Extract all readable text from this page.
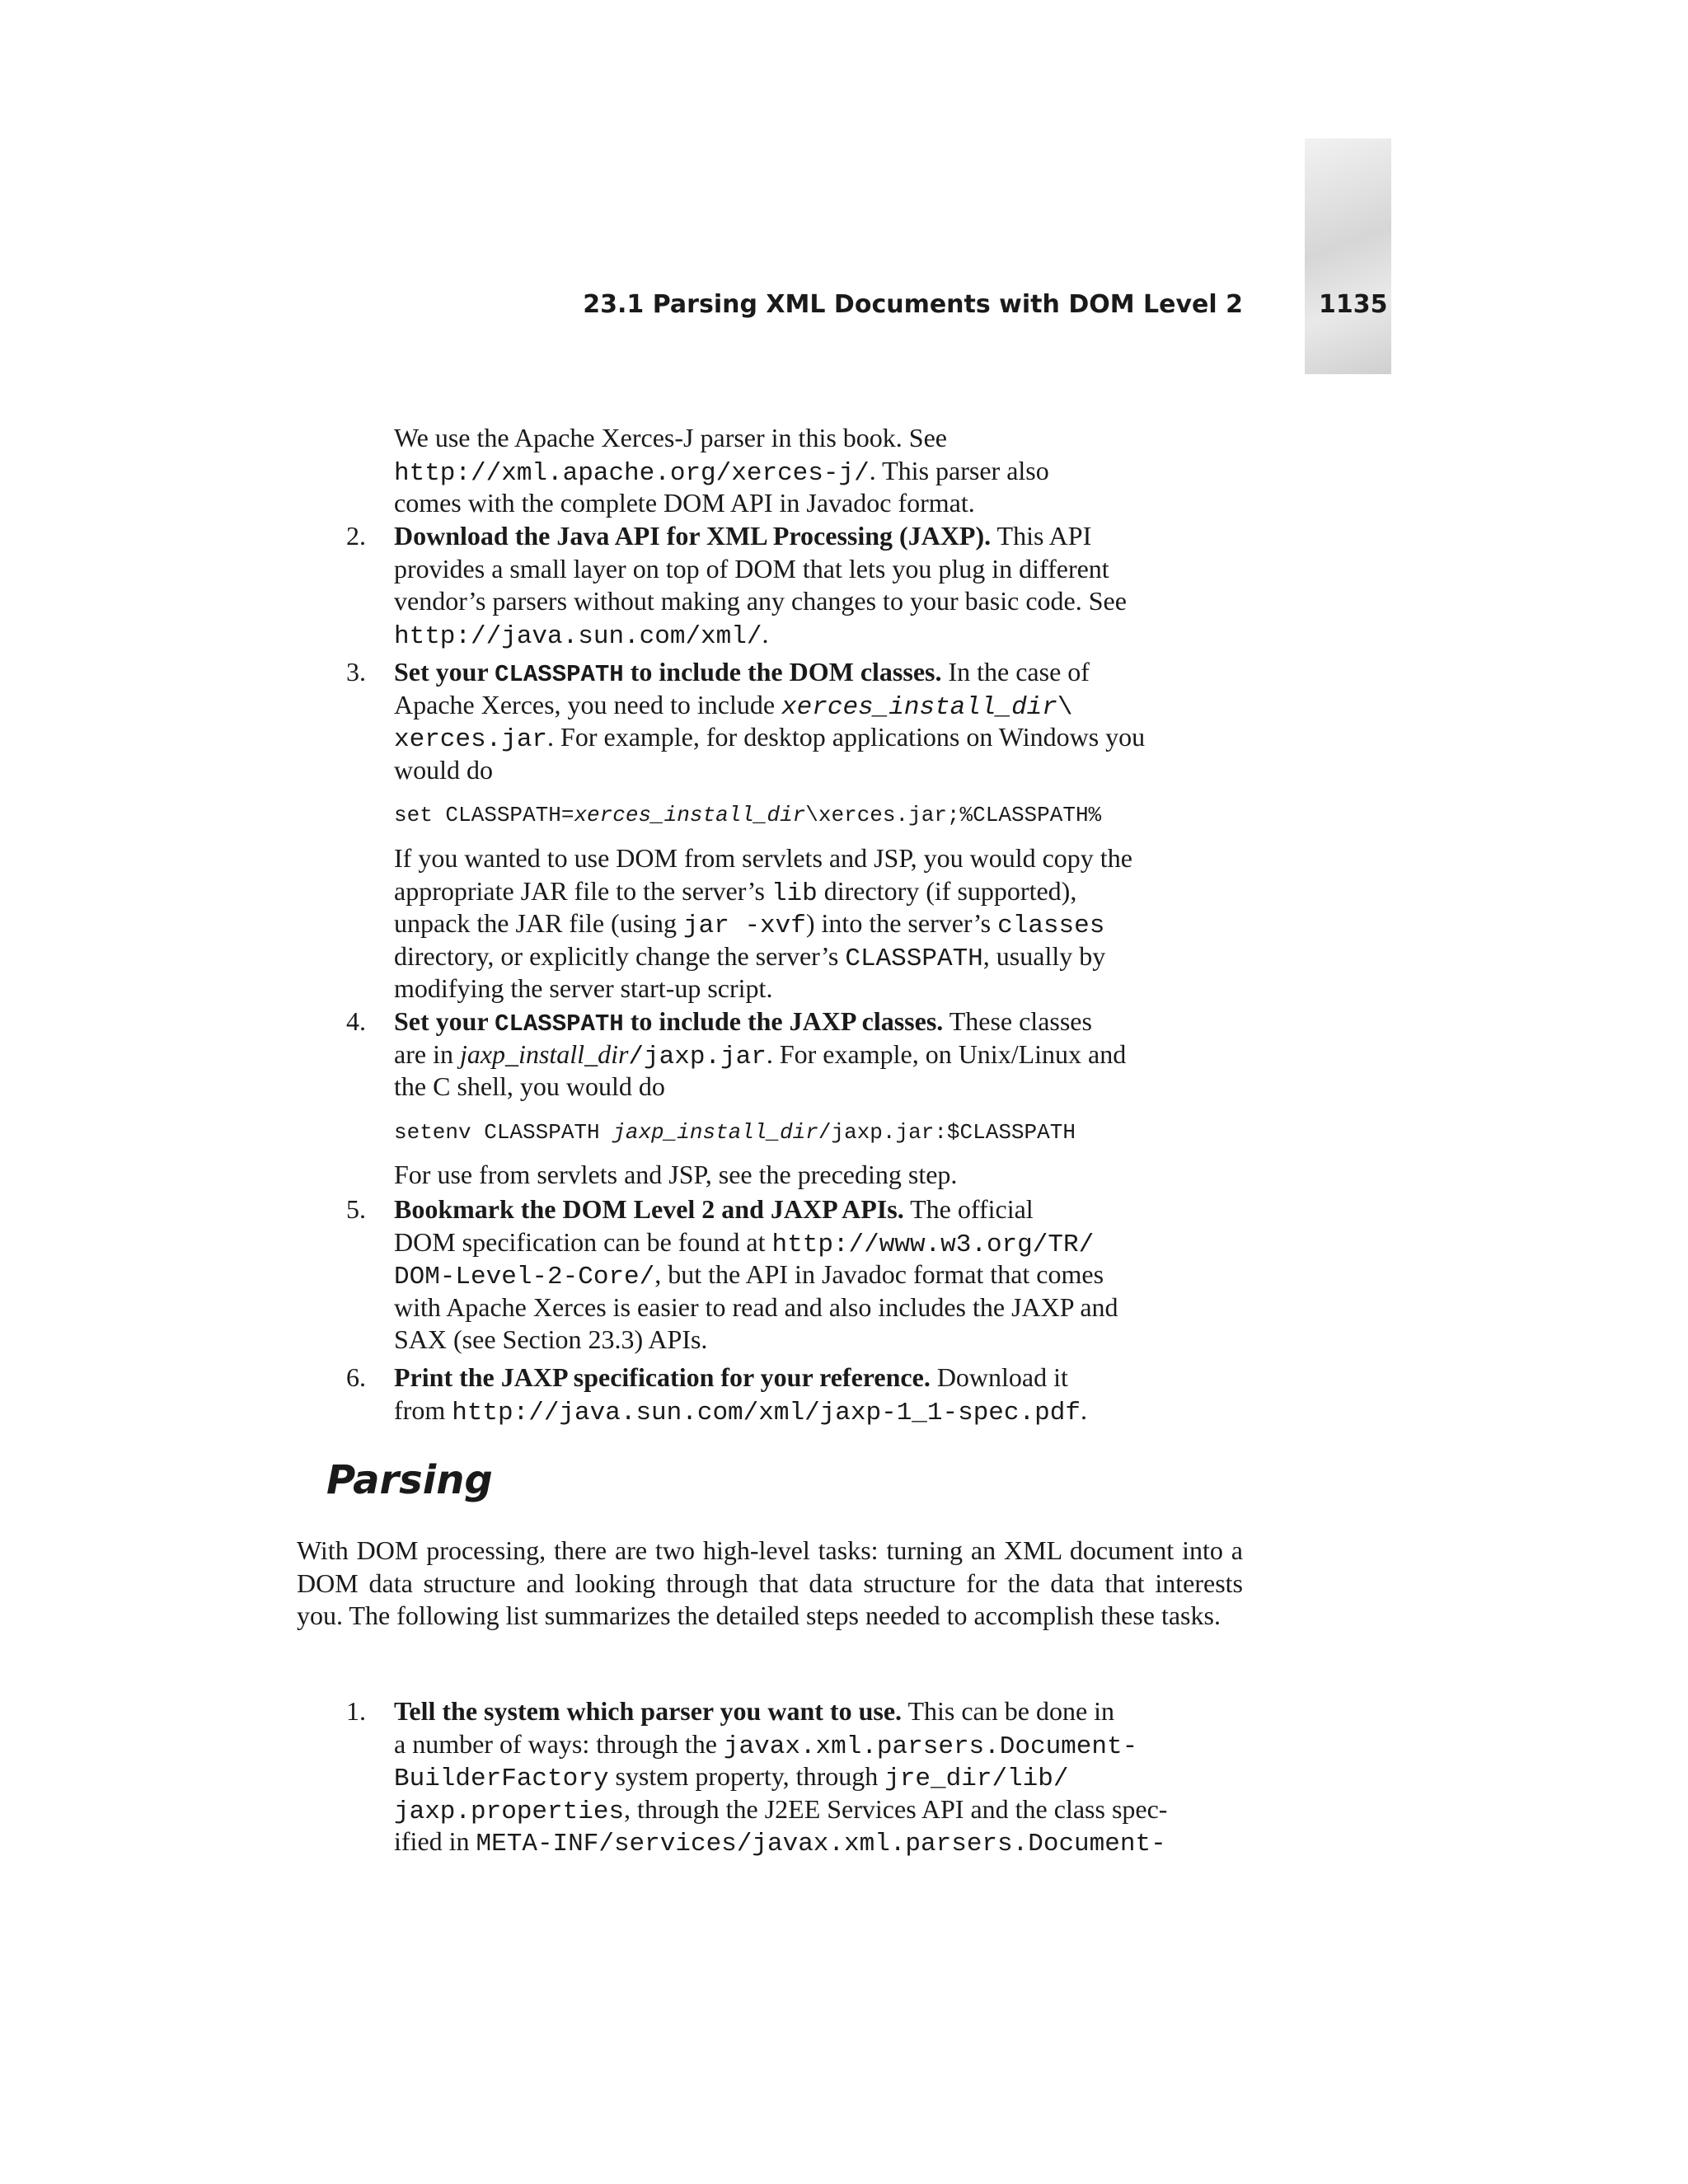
23.1 Parsing XML Documents with DOM Level 2	1135
We use the Apache Xerces-J parser in this book. See
http://xml.apache.org/xerces-j/. This parser also
comes with the complete DOM API in Javadoc format.
2. Download the Java API for XML Processing (JAXP). This API
provides a small layer on top of DOM that lets you plug in different
vendor’s parsers without making any changes to your basic code. See
http://java.sun.com/xml/.
3. Set your CLASSPATH to include the DOM classes. In the case of
Apache Xerces, you need to include xerces_install_dir\
xerces.jar. For example, for desktop applications on Windows you
would do
set CLASSPATH=xerces_install_dir\xerces.jar;%CLASSPATH%
If you wanted to use DOM from servlets and JSP, you would copy the
appropriate JAR file to the server’s lib directory (if supported),
unpack the JAR file (using jar -xvf) into the server’s classes
directory, or explicitly change the server’s CLASSPATH, usually by
modifying the server start-up script.
4. Set your CLASSPATH to include the JAXP classes. These classes
are in jaxp_install_dir/jaxp.jar. For example, on Unix/Linux and
the C shell, you would do
setenv CLASSPATH jaxp_install_dir/jaxp.jar:$CLASSPATH
For use from servlets and JSP, see the preceding step.
5. Bookmark the DOM Level 2 and JAXP APIs. The official
DOM specification can be found at http://www.w3.org/TR/
DOM-Level-2-Core/, but the API in Javadoc format that comes
with Apache Xerces is easier to read and also includes the JAXP and
SAX (see Section 23.3) APIs.
6. Print the JAXP specification for your reference. Download it
from http://java.sun.com/xml/jaxp-1_1-spec.pdf.
Parsing
With DOM processing, there are two high-level tasks: turning an XML document into a DOM data structure and looking through that data structure for the data that interests you. The following list summarizes the detailed steps needed to accomplish these tasks.
1. Tell the system which parser you want to use. This can be done in
a number of ways: through the javax.xml.parsers.Document-
BuilderFactory system property, through jre_dir/lib/
jaxp.properties, through the J2EE Services API and the class spec-
ified in META-INF/services/javax.xml.parsers.Document-
